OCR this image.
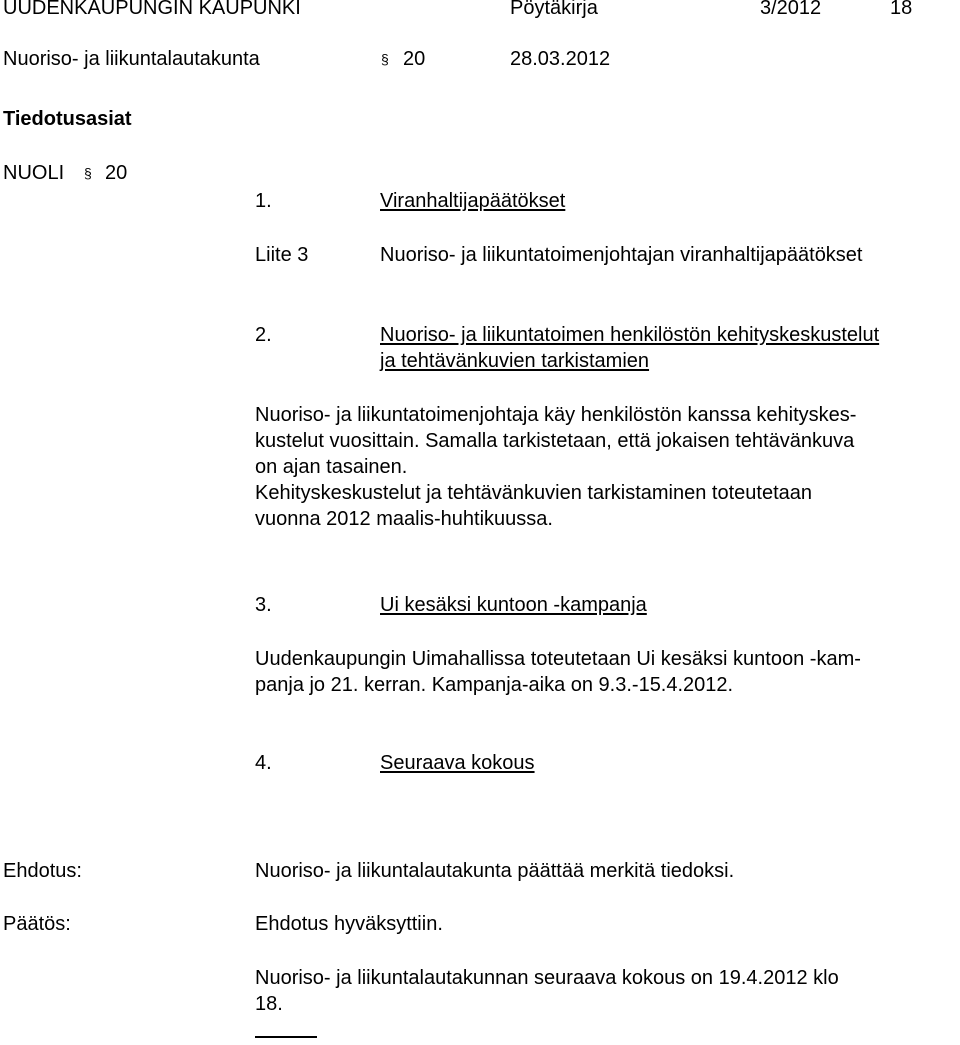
UUDENKAUPUNGIN KAUPUNKI	Pöytäkirja	3/2012	18

Nuoriso- ja liikuntalautakunta	§ 20	28.03.2012

Tiedotusasiat

NUOLI § 20

1.	Viranhaltijapäätökset

Liite 3	Nuoriso- ja liikuntatoimenjohtajan viranhaltijapäätökset

2.	Nuoriso- ja liikuntatoimen henkilöstön kehityskeskustelut
ja tehtävänkuvien tarkistamien
Nuoriso- ja liikuntatoimenjohtaja käy henkilöstön kanssa kehityskes-
kustelut vuosittain. Samalla tarkistetaan, että jokaisen tehtävänkuva
on ajan tasainen.
Kehityskeskustelut ja tehtävänkuvien tarkistaminen toteutetaan
vuonna 2012 maalis-huhtikuussa.

3.	Ui kesäksi kuntoon -kampanja

Uudenkaupungin Uimahallissa toteutetaan Ui kesäksi kuntoon -kam-
panja jo 21. kerran. Kampanja-aika on 9.3.-15.4.2012.

4.	Seuraava kokous

Ehdotus:	Nuoriso- ja liikuntalautakunta päättää merkitä tiedoksi.

Päätös:	Ehdotus hyväksyttiin.

Nuoriso- ja liikuntalautakunnan seuraava kokous on 19.4.2012 klo
18.
